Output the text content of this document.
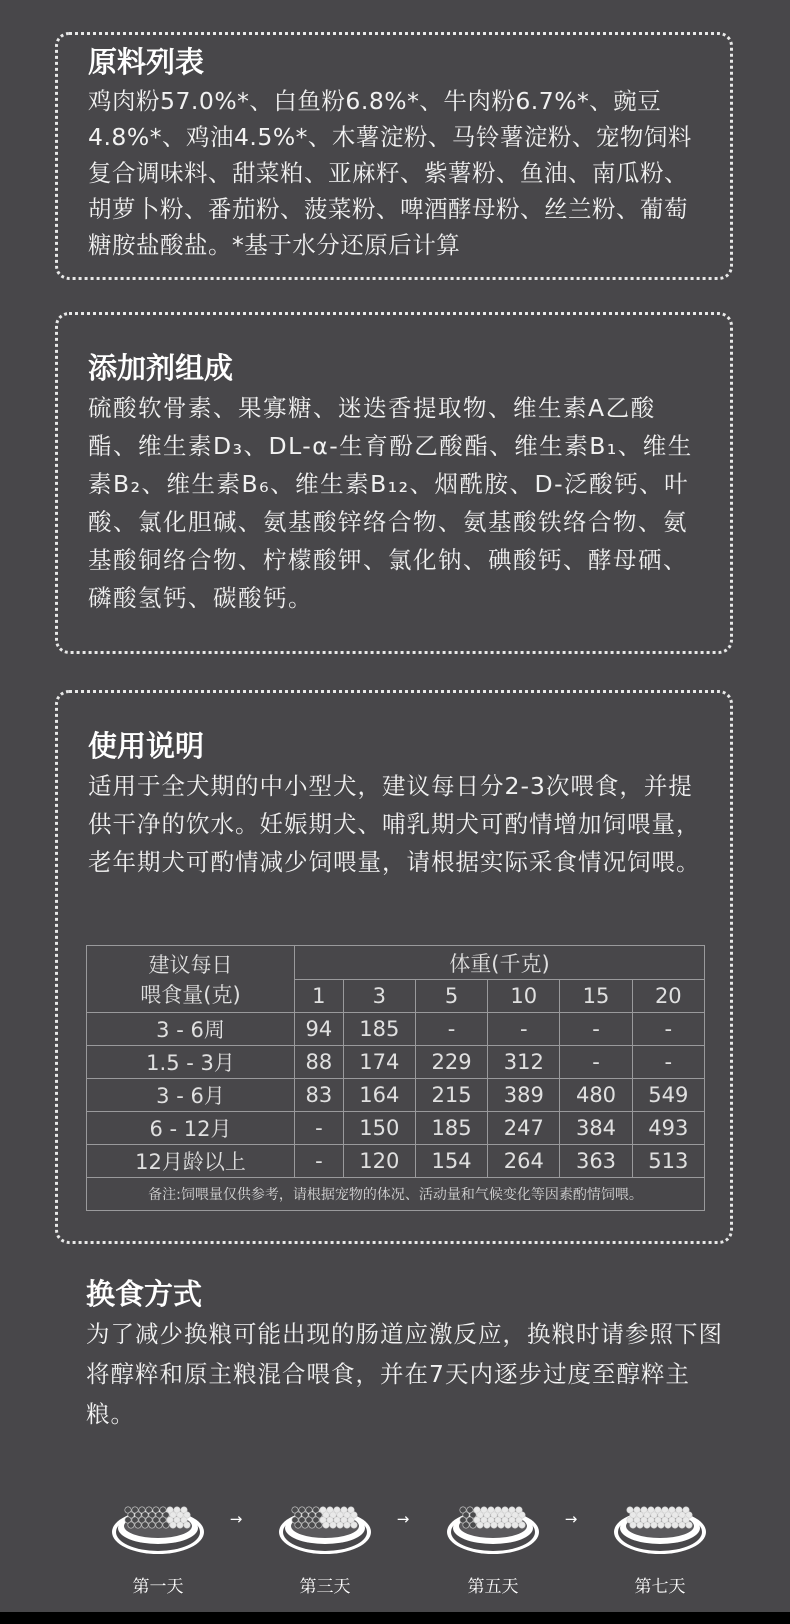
原料列表

鸡肉粉57.0%*、白鱼粉6.8%*、牛肉粉6.7%*、豌豆4.8%*、鸡油4.5%*、木薯淀粉、马铃薯淀粉、宠物饲料复合调味料、甜菜粕、亚麻籽、紫薯粉、鱼油、南瓜粉、胡萝卜粉、番茄粉、菠菜粉、啤酒酵母粉、丝兰粉、葡萄糖胺盐酸盐。*基于水分还原后计算

添加剂组成

硫酸软骨素、果寡糖、迷迭香提取物、维生素A乙酸酯、维生素D₃、DL-α-生育酚乙酸酯、维生素B₁、维生素B₂、维生素B₆、维生素B₁₂、烟酰胺、D-泛酸钙、叶酸、氯化胆碱、氨基酸锌络合物、氨基酸铁络合物、氨基酸铜络合物、柠檬酸钾、氯化钠、碘酸钙、酵母硒、磷酸氢钙、碳酸钙。

使用说明

适用于全犬期的中小型犬，建议每日分2-3次喂食，并提供干净的饮水。妊娠期犬、哺乳期犬可酌情增加饲喂量，老年期犬可酌情减少饲喂量，请根据实际采食情况饲喂。

建议每日
喂食量(克)	体重(千克)					
	1	3	5	10	15	20
3 - 6周	94	185	-	-	-	-
1.5 - 3月	88	174	229	312	-	-
3 - 6月	83	164	215	389	480	549
6 - 12月	-	150	185	247	384	493
12月龄以上	-	120	154	264	363	513
备注:饲喂量仅供参考，请根据宠物的体况、活动量和气候变化等因素酌情饲喂。						
换食方式

为了减少换粮可能出现的肠道应激反应，换粮时请参照下图将醇粹和原主粮混合喂食，并在7天内逐步过度至醇粹主粮。

→	→	→
第一天	第三天	第五天	第七天
